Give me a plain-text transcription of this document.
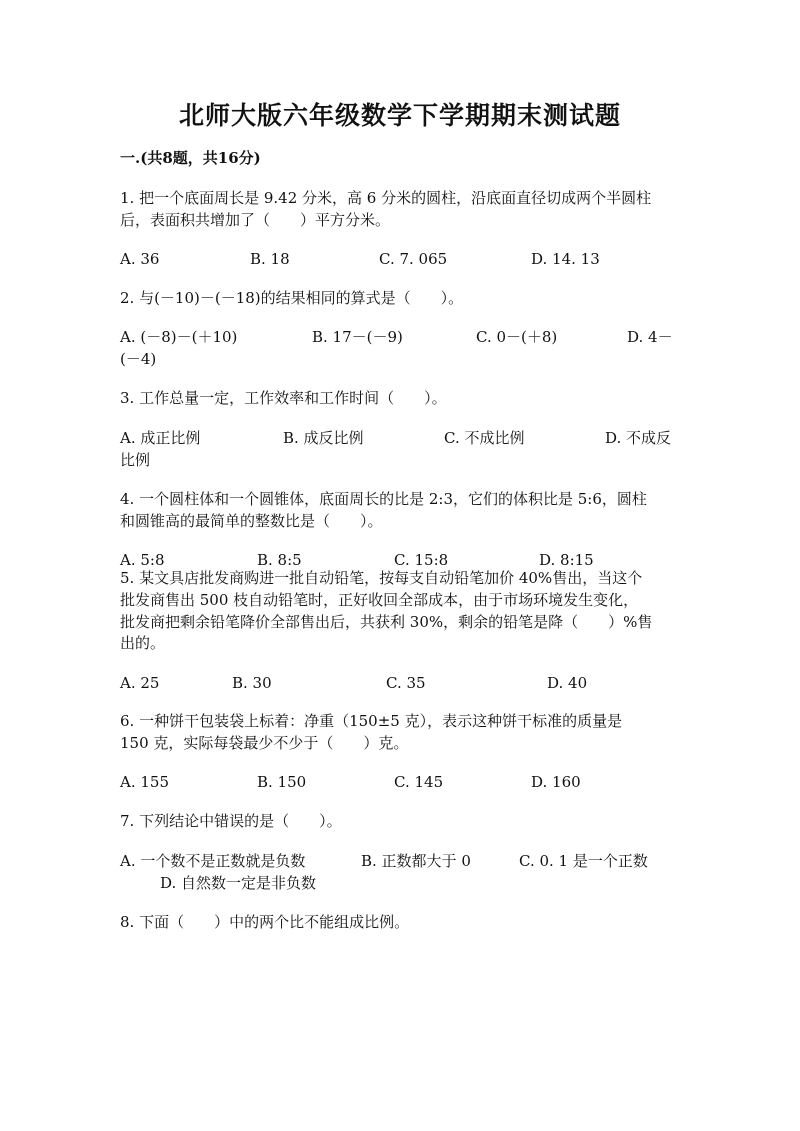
北师大版六年级数学下学期期末测试题
一.(共8题，共16分)
1. 把一个底面周长是 9.42 分米，高 6 分米的圆柱，沿底面直径切成两个半圆柱
后，表面积共增加了（　　）平方分米。
A. 36	B. 18	C. 7. 065	D. 14. 13
2. 与(－10)－(－18)的结果相同的算式是（　　）。
A. (－8)－(＋10)	B. 17－(－9)	C. 0－(＋8)	D. 4－
(－4)
3. 工作总量一定，工作效率和工作时间（　　）。
A. 成正比例	B. 成反比例	C. 不成比例	D. 不成反
比例
4. 一个圆柱体和一个圆锥体，底面周长的比是 2:3，它们的体积比是 5:6，圆柱
和圆锥高的最简单的整数比是（　　）。
A. 5:8	B. 8:5	C. 15:8	D. 8:15
5. 某文具店批发商购进一批自动铅笔，按每支自动铅笔加价 40%售出，当这个
批发商售出 500 枝自动铅笔时，正好收回全部成本，由于市场环境发生变化，
批发商把剩余铅笔降价全部售出后，共获利 30%，剩余的铅笔是降（　　）%售
出的。
A. 25	B. 30	C. 35	D. 40
6. 一种饼干包装袋上标着：净重（150±5 克），表示这种饼干标准的质量是
150 克，实际每袋最少不少于（　　）克。
A. 155	B. 150	C. 145	D. 160
7. 下列结论中错误的是（　　）。
A. 一个数不是正数就是负数	B. 正数都大于 0	C. 0. 1 是一个正数
D. 自然数一定是非负数
8. 下面（　　）中的两个比不能组成比例。
